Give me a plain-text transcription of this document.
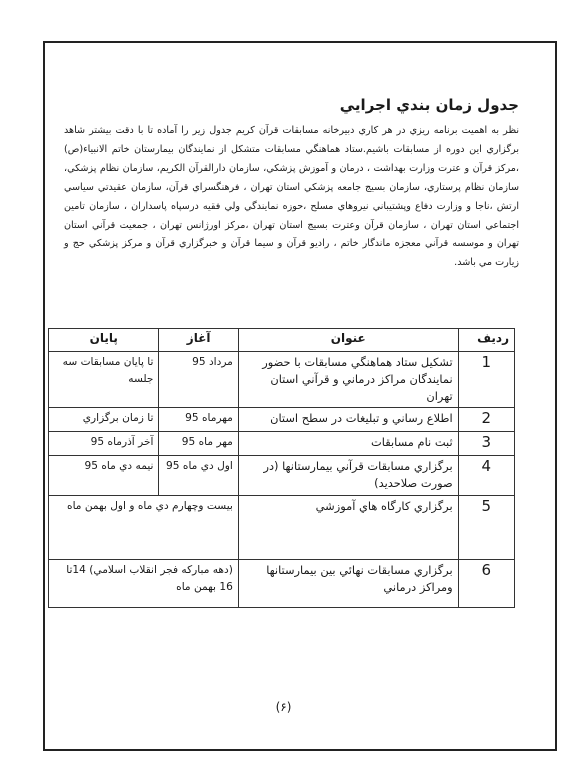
جدول زمان بندي اجرايي
نظر به اهميت برنامه ريزي در هر كاري دبيرخانه مسابقات قرآن كريم جدول زير را آماده تا با دقت بيشتر شاهد برگزاري اين دوره از مسابقات باشيم.ستاد هماهنگي مسابقات متشكل از نمايندگان بيمارستان خاتم الانبياء(ص) ،مركز قرآن و عترت وزارت بهداشت ، درمان و آموزش پزشكي، سازمان دارالقرآن الكريم، سازمان نظام پزشكي، سازمان نظام پرستاري، سازمان بسيج جامعه پزشكي استان تهران ، فرهنگسراي قرآن، سازمان عقيدتي سياسي ارتش ،ناجا و وزارت دفاع وپشتيباني نيروهاي مسلح ،حوزه نمايندگي ولي فقيه درسپاه پاسداران ، سازمان تامين اجتماعي استان تهران ، سازمان قرآن وعترت بسيج استان تهران ،مركز اورژانس تهران ، جمعيت قرآني استان تهران و موسسه قرآني معجزه ماندگار خاتم ، راديو قرآن و سيما قرآن و خبرگزاري قرآن و مركز پزشكي حج و زيارت مي باشد.
رديف	عنوان	آغاز	پايان
1	تشكيل ستاد هماهنگي مسابقات با حضور نمايندگان مراكز درماني و قرآني استان تهران	مرداد 95	تا پايان مسابقات سه جلسه
2	اطلاع رساني و تبليغات در سطح استان	مهرماه 95	تا زمان برگزاري
3	ثبت نام مسابقات	مهر ماه 95	آخر آذرماه 95
4	برگزاري مسابقات قرآني بيمارستانها (در صورت صلاحديد)	اول دي ماه 95	نيمه دي ماه 95
5	برگزاري كارگاه هاي آموزشي	بيست وچهارم دي ماه و اول بهمن ماه	
6	برگزاري مسابقات نهائي بين بيمارستانها ومراكز درماني	(دهه مباركه فجر انقلاب اسلامي) 14تا 16 بهمن ماه	
(۶)
